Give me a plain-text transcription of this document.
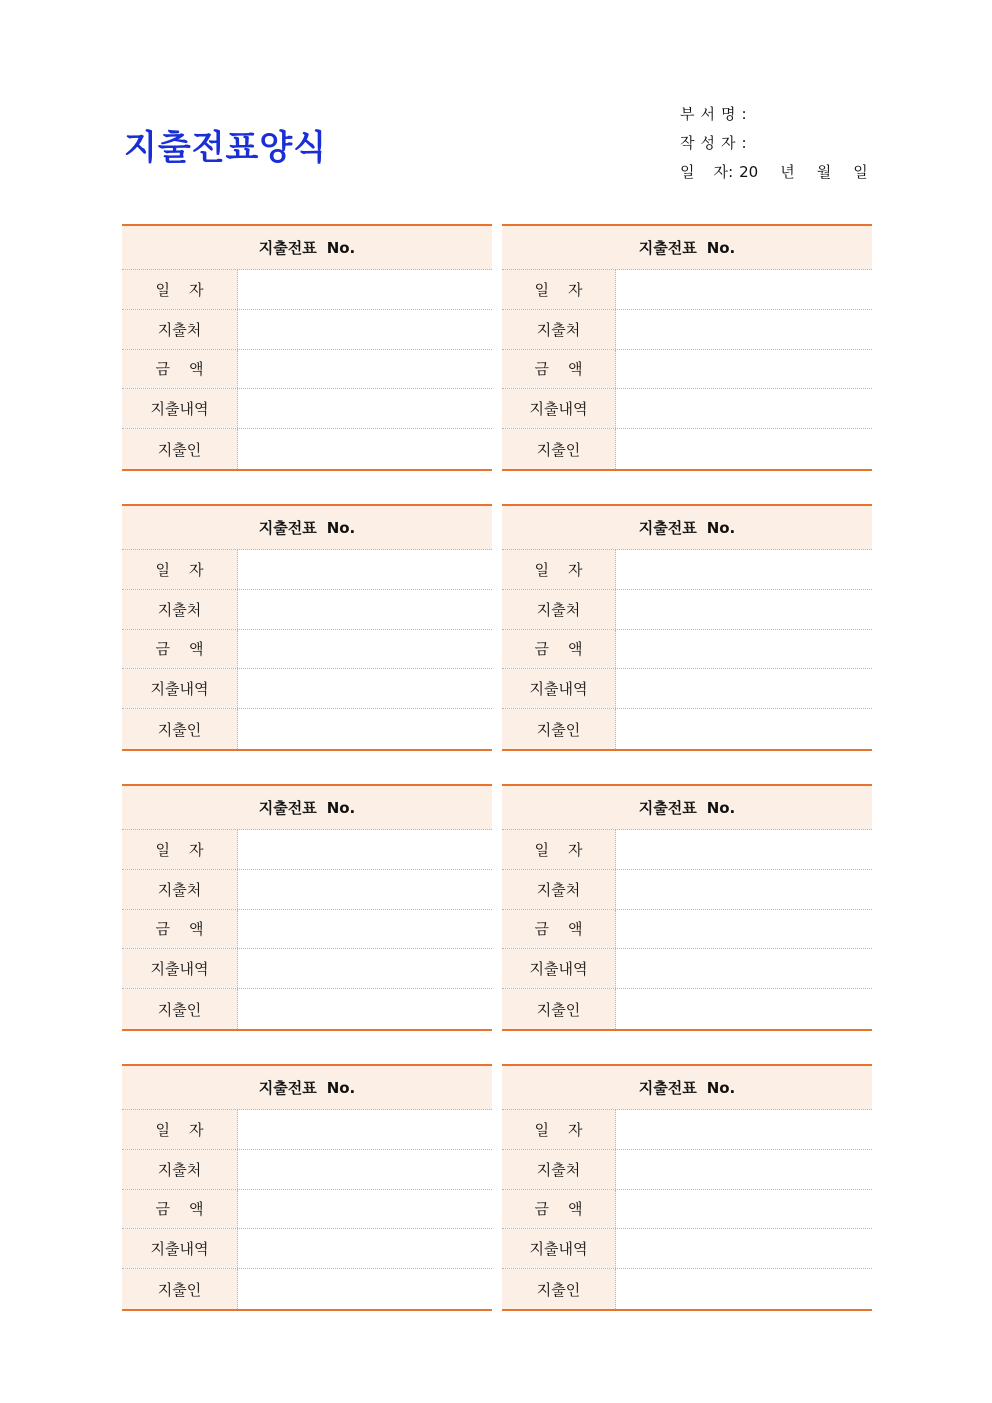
지출전표양식
부서명:
작성자:
일    자: 20 년 월 일
지출전표 No.
일    자
지출처
금    액
지출내역
지출인
지출전표 No.
일    자
지출처
금    액
지출내역
지출인
지출전표 No.
일    자
지출처
금    액
지출내역
지출인
지출전표 No.
일    자
지출처
금    액
지출내역
지출인
지출전표 No.
일    자
지출처
금    액
지출내역
지출인
지출전표 No.
일    자
지출처
금    액
지출내역
지출인
지출전표 No.
일    자
지출처
금    액
지출내역
지출인
지출전표 No.
일    자
지출처
금    액
지출내역
지출인
